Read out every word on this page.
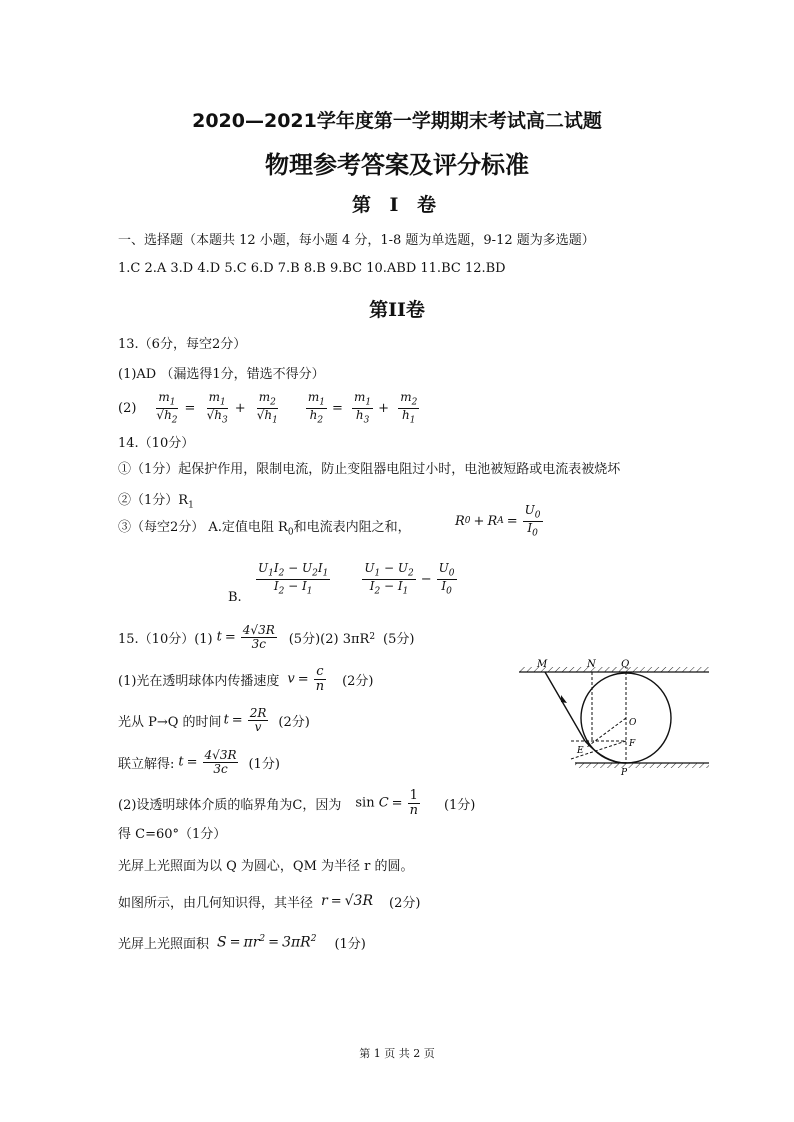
2020—2021学年度第一学期期末考试高二试题
物理参考答案及评分标准
第 Ⅰ 卷
一、选择题（本题共 12 小题，每小题 4 分，1-8 题为单选题，9-12 题为多选题）
1.C 2.A 3.D 4.D 5.C 6.D 7.B 8.B 9.BC 10.ABD 11.BC 12.BD
第II卷
13.（6分，每空2分）
(1)AD （漏选得1分，错选不得分）
$(2) \frac{m_1}{√h_2} = \frac{m_1}{√h_3} + \frac{m_2}{√h_1} \frac{m_1}{h_2} = \frac{m_1}{h_3} + \frac{m_2}{h_1}$
14.（10分）
①（1分）起保护作用，限制电流，防止变阻器电阻过小时，电池被短路或电流表被烧坏
②（1分）$R_1$
③（每空2分） A.定值电阻 $R_0$和电流表内阻之和，	R 0 + R $A = \frac{U_0}{I_0}$
B.
$\frac{U_1I_2 - U_2I_1}{I_2 - I_1}$	$\frac{U_1 - U_2}{I_2 - I_1} - \frac{U_0}{I_0}$
15.（10分）(1) $t = \frac{4√3R}{3c} (5$分)(2) 3πR 2 (5分)
(1)光在透明球体内传播速度 $v = \frac{c}{n} (2$分)
光从 P→Q 的时间 $t = \frac{2R}{v} (2$分)
联立解得: $t = \frac{4√3R}{3c} (1$分)
(2)设透明球体介质的临界角为C，因为 $\sin C = \frac{1}{n} (1$分)
得 C=60°（1分）
光屏上光照面为以 Q 为圆心，QM 为半径 r 的圆。
如图所示，由几何知识得，其半径 r = √3R (2分)
光屏上光照面积 $S = \pi r^2 = 3\pi R^2$ (1分)
M	N	Q
O
F
E
P
第 1 页 共 2 页
